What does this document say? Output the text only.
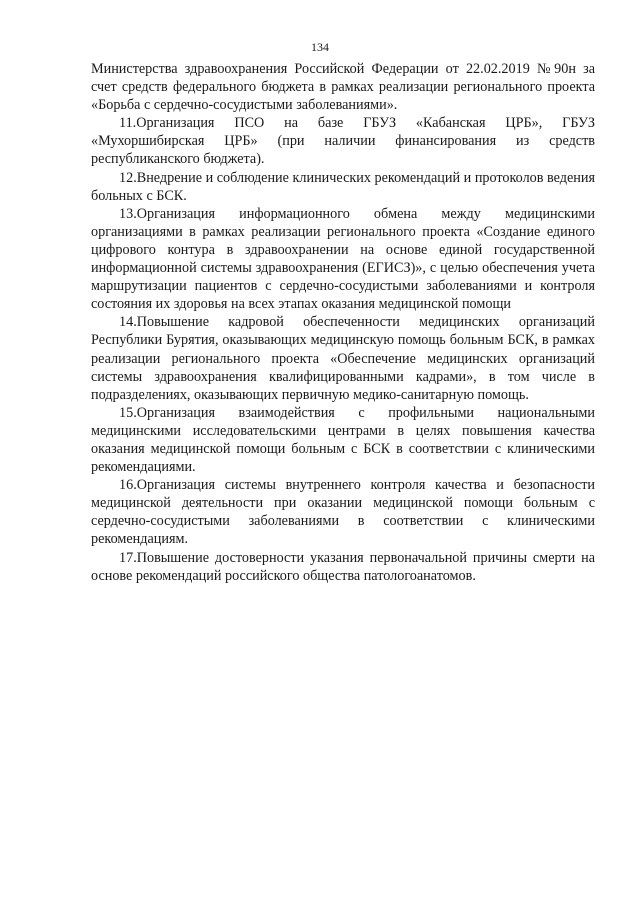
134

Министерства здравоохранения Российской Федерации от 22.02.2019 №90н за счет средств федерального бюджета в рамках реализации регионального проекта «Борьба с сердечно-сосудистыми заболеваниями».

11.Организация ПСО на базе ГБУЗ «Кабанская ЦРБ», ГБУЗ «Мухоршибирская ЦРБ» (при наличии финансирования из средств республиканского бюджета).

12.Внедрение и соблюдение клинических рекомендаций и протоколов ведения больных с БСК.

13.Организация информационного обмена между медицинскими организациями в рамках реализации регионального проекта «Создание единого цифрового контура в здравоохранении на основе единой государственной информационной системы здравоохранения (ЕГИСЗ)», с целью обеспечения учета маршрутизации пациентов с сердечно-сосудистыми заболеваниями и контроля состояния их здоровья на всех этапах оказания медицинской помощи

14.Повышение кадровой обеспеченности медицинских организаций Республики Бурятия, оказывающих медицинскую помощь больным БСК, в рамках реализации регионального проекта «Обеспечение медицинских организаций системы здравоохранения квалифицированными кадрами», в том числе в подразделениях, оказывающих первичную медико-санитарную помощь.

15.Организация взаимодействия с профильными национальными медицинскими исследовательскими центрами в целях повышения качества оказания медицинской помощи больным с БСК в соответствии с клиническими рекомендациями.

16.Организация системы внутреннего контроля качества и безопасности медицинской деятельности при оказании медицинской помощи больным с сердечно-сосудистыми заболеваниями в соответствии с клиническими рекомендациям.

17.Повышение достоверности указания первоначальной причины смерти на основе рекомендаций российского общества патологоанатомов.
